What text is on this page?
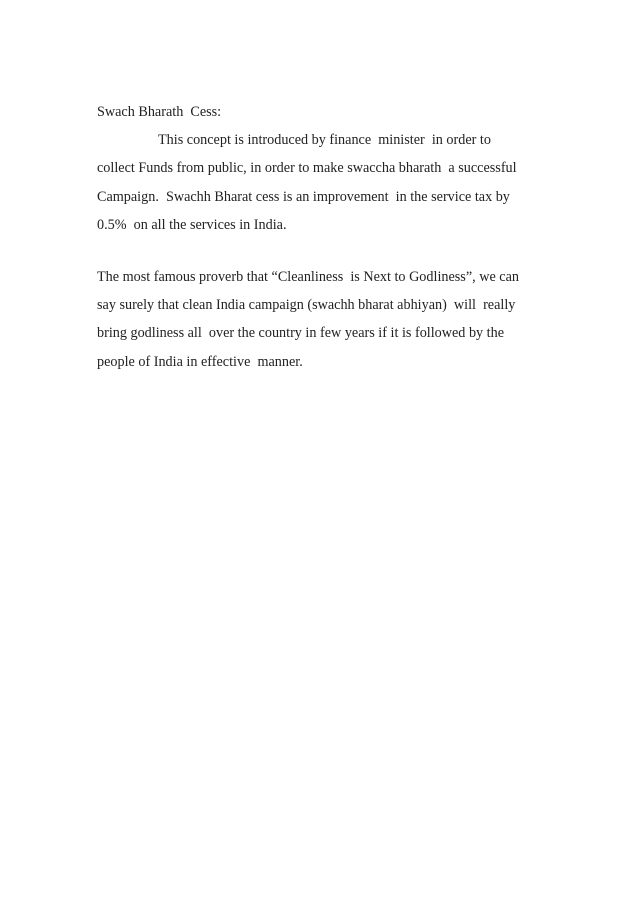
Swach Bharath  Cess:
This concept is introduced by finance  minister  in order to
collect Funds from public, in order to make swaccha bharath  a successful
Campaign.  Swachh Bharat cess is an improvement  in the service tax by
0.5%  on all the services in India.
The most famous proverb that “Cleanliness  is Next to Godliness”, we can
say surely that clean India campaign (swachh bharat abhiyan)  will  really
bring godliness all  over the country in few years if it is followed by the
people of India in effective  manner.
